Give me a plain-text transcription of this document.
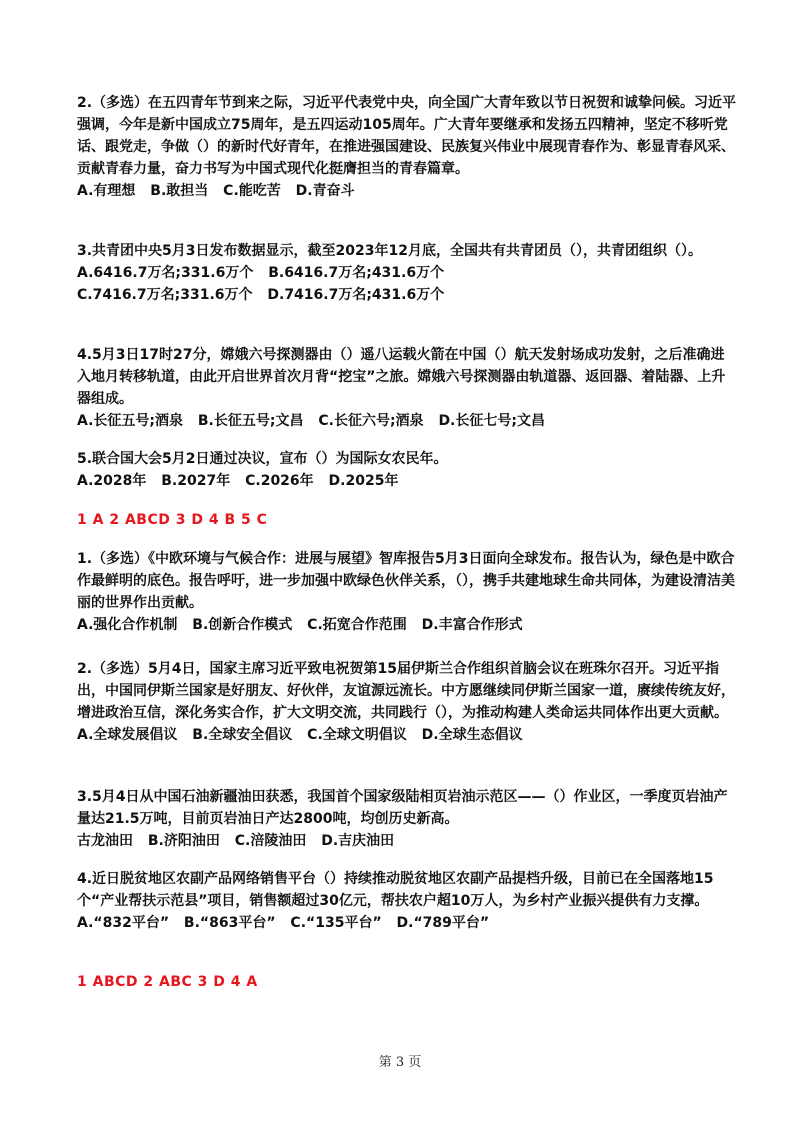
2.（多选）在五四青年节到来之际，习近平代表党中央，向全国广大青年致以节日祝贺和诚挚问候。习近平强调，今年是新中国成立75周年，是五四运动105周年。广大青年要继承和发扬五四精神，坚定不移听党话、跟党走，争做（）的新时代好青年，在推进强国建设、民族复兴伟业中展现青春作为、彰显青春风采、贡献青春力量，奋力书写为中国式现代化挺膺担当的青春篇章。

A.有理想 B.敢担当 C.能吃苦 D.青奋斗

3.共青团中央5月3日发布数据显示，截至2023年12月底，全国共有共青团员（），共青团组织（）。

A.6416.7万名;331.6万个 B.6416.7万名;431.6万个

C.7416.7万名;331.6万个 D.7416.7万名;431.6万个

4.5月3日17时27分，嫦娥六号探测器由（）遥八运载火箭在中国（）航天发射场成功发射，之后准确进入地月转移轨道，由此开启世界首次月背“挖宝”之旅。嫦娥六号探测器由轨道器、返回器、着陆器、上升器组成。

A.长征五号;酒泉 B.长征五号;文昌 C.长征六号;酒泉 D.长征七号;文昌

5.联合国大会5月2日通过决议，宣布（）为国际女农民年。

A.2028年 B.2027年 C.2026年 D.2025年

1 A 2 ABCD 3 D 4 B 5 C

1.（多选）《中欧环境与气候合作：进展与展望》智库报告5月3日面向全球发布。报告认为，绿色是中欧合作最鲜明的底色。报告呼吁，进一步加强中欧绿色伙伴关系，（），携手共建地球生命共同体，为建设清洁美丽的世界作出贡献。

A.强化合作机制 B.创新合作模式 C.拓宽合作范围 D.丰富合作形式

2.（多选）5月4日，国家主席习近平致电祝贺第15届伊斯兰合作组织首脑会议在班珠尔召开。习近平指出，中国同伊斯兰国家是好朋友、好伙伴，友谊源远流长。中方愿继续同伊斯兰国家一道，赓续传统友好，增进政治互信，深化务实合作，扩大文明交流，共同践行（），为推动构建人类命运共同体作出更大贡献。

A.全球发展倡议 B.全球安全倡议 C.全球文明倡议 D.全球生态倡议

3.5月4日从中国石油新疆油田获悉，我国首个国家级陆相页岩油示范区——（）作业区，一季度页岩油产量达21.5万吨，目前页岩油日产达2800吨，均创历史新高。

古龙油田 B.济阳油田 C.涪陵油田 D.吉庆油田

4.近日脱贫地区农副产品网络销售平台（）持续推动脱贫地区农副产品提档升级，目前已在全国落地15个“产业帮扶示范县”项目，销售额超过30亿元，帮扶农户超10万人，为乡村产业振兴提供有力支撑。

A.“832平台” B.“863平台” C.“135平台” D.“789平台”

1 ABCD 2 ABC 3 D 4 A
第 3 页
